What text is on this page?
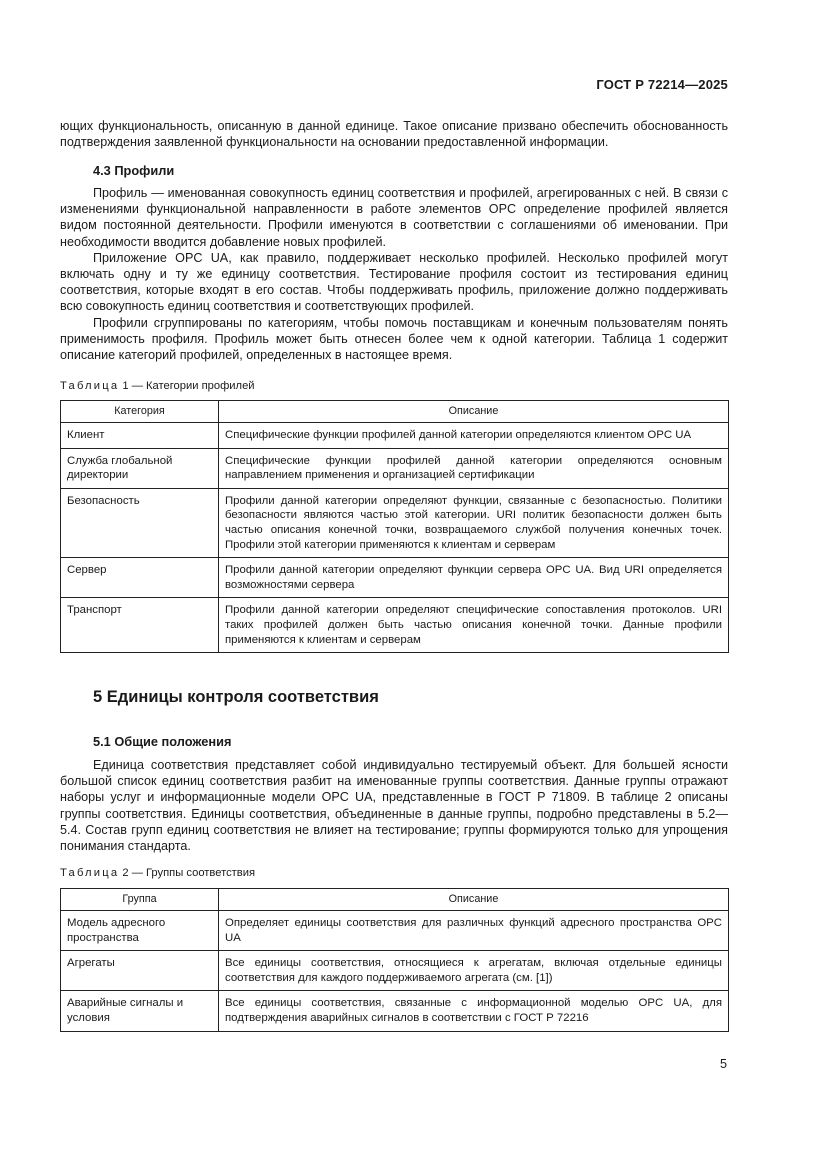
ГОСТ Р 72214—2025

ющих функциональность, описанную в данной единице. Такое описание призвано обеспечить обоснованность подтверждения заявленной функциональности на основании предоставленной информации.

4.3 Профили

Профиль — именованная совокупность единиц соответствия и профилей, агрегированных с ней. В связи с изменениями функциональной направленности в работе элементов OPC определение профилей является видом постоянной деятельности. Профили именуются в соответствии с соглашениями об именовании. При необходимости вводится добавление новых профилей.

Приложение OPC UA, как правило, поддерживает несколько профилей. Несколько профилей могут включать одну и ту же единицу соответствия. Тестирование профиля состоит из тестирования единиц соответствия, которые входят в его состав. Чтобы поддерживать профиль, приложение должно поддерживать всю совокупность единиц соответствия и соответствующих профилей.

Профили сгруппированы по категориям, чтобы помочь поставщикам и конечным пользователям понять применимость профиля. Профиль может быть отнесен более чем к одной категории. Таблица 1 содержит описание категорий профилей, определенных в настоящее время.

Таблица 1 — Категории профилей
Категория	Описание
Клиент	Специфические функции профилей данной категории определяются клиентом OPC UA
Служба глобальной директории	Специфические функции профилей данной категории определяются основным направлением применения и организацией сертификации
Безопасность	Профили данной категории определяют функции, связанные с безопасностью. Политики безопасности являются частью этой категории. URI политик безопасности должен быть частью описания конечной точки, возвращаемого службой получения конечных точек. Профили этой категории применяются к клиентам и серверам
Сервер	Профили данной категории определяют функции сервера OPC UA. Вид URI определяется возможностями сервера
Транспорт	Профили данной категории определяют специфические сопоставления протоколов. URI таких профилей должен быть частью описания конечной точки. Данные профили применяются к клиентам и серверам
5 Единицы контроля соответствия
5.1 Общие положения

Единица соответствия представляет собой индивидуально тестируемый объект. Для большей ясности большой список единиц соответствия разбит на именованные группы соответствия. Данные группы отражают наборы услуг и информационные модели OPC UA, представленные в ГОСТ Р 71809. В таблице 2 описаны группы соответствия. Единицы соответствия, объединенные в данные группы, подробно представлены в 5.2—5.4. Состав групп единиц соответствия не влияет на тестирование; группы формируются только для упрощения понимания стандарта.

Таблица 2 — Группы соответствия
Группа	Описание
Модель адресного пространства	Определяет единицы соответствия для различных функций адресного пространства OPC UA
Агрегаты	Все единицы соответствия, относящиеся к агрегатам, включая отдельные единицы соответствия для каждого поддерживаемого агрегата (см. [1])
Аварийные сигналы и условия	Все единицы соответствия, связанные с информационной моделью OPC UA, для подтверждения аварийных сигналов в соответствии с ГОСТ Р 72216
5
